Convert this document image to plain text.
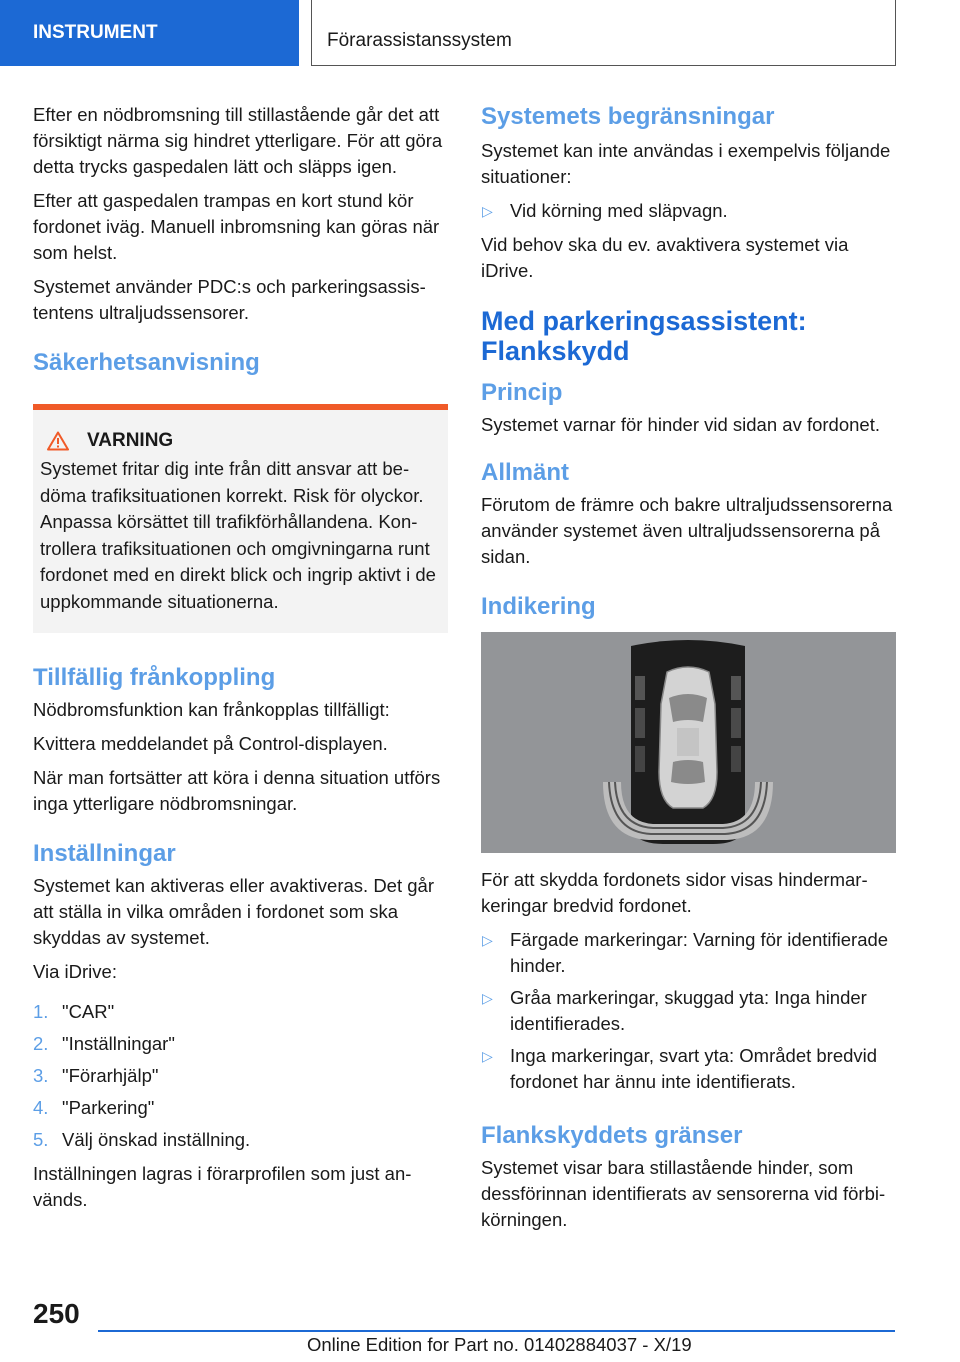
INSTRUMENT	Förarassistanssystem

Efter en nödbromsning till stillastående går det att försiktigt närma sig hindret ytterligare. För att göra detta trycks gaspedalen lätt och släpps igen.

Efter att gaspedalen trampas en kort stund kör fordonet iväg. Manuell inbromsning kan göras när som helst.

Systemet använder PDC:s och parkeringsassistentens ultraljudssensorer.

Säkerhetsanvisning
VARNING

Systemet fritar dig inte från ditt ansvar att bedöma trafiksituationen korrekt. Risk för olyckor. Anpassa körsättet till trafikförhållandena. Kontrollera trafiksituationen och omgivningarna runt fordonet med en direkt blick och ingrip aktivt i de uppkommande situationerna.

Tillfällig frånkoppling

Nödbromsfunktion kan frånkopplas tillfälligt:

Kvittera meddelandet på Control-displayen.

När man fortsätter att köra i denna situation utförs inga ytterligare nödbromsningar.

Inställningar

Systemet kan aktiveras eller avaktiveras. Det går att ställa in vilka områden i fordonet som ska skyddas av systemet.

Via iDrive:

1. "CAR"
2. "Inställningar"
3. "Förarhjälp"
4. "Parkering"
5. Välj önskad inställning.

Inställningen lagras i förarprofilen som just används.

Systemets begränsningar

Systemet kan inte användas i exempelvis följande situationer:

▷ Vid körning med släpvagn.

Vid behov ska du ev. avaktivera systemet via iDrive.

Med parkeringsassistent: Flankskydd
Princip

Systemet varnar för hinder vid sidan av fordonet.

Allmänt

Förutom de främre och bakre ultraljudssensorerna använder systemet även ultraljudssensorerna på sidan.

Indikering

För att skydda fordonets sidor visas hindermarkeringar bredvid fordonet.

▷ Färgade markeringar: Varning för identifierade hinder.
▷ Gråa markeringar, skuggad yta: Inga hinder identifierades.
▷ Inga markeringar, svart yta: Området bredvid fordonet har ännu inte identifierats.
Flankskyddets gränser

Systemet visar bara stillastående hinder, som dessförinnan identifierats av sensorerna vid förbikörningen.

250
Online Edition for Part no. 01402884037 - X/19
